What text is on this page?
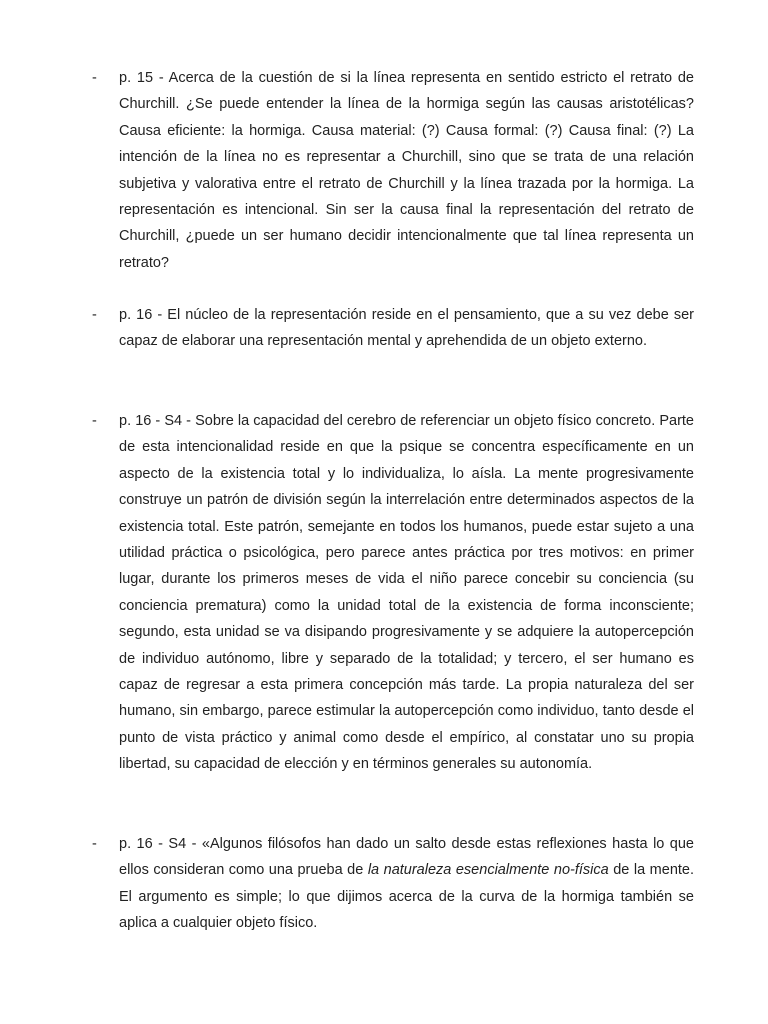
-	p. 15 - Acerca de la cuestión de si la línea representa en sentido estricto el retrato de Churchill. ¿Se puede entender la línea de la hormiga según las causas aristotélicas? Causa eficiente: la hormiga. Causa material: (?) Causa formal: (?) Causa final: (?) La intención de la línea no es representar a Churchill, sino que se trata de una relación subjetiva y valorativa entre el retrato de Churchill y la línea trazada por la hormiga. La representación es intencional. Sin ser la causa final la representación del retrato de Churchill, ¿puede un ser humano decidir intencionalmente que tal línea representa un retrato?
-	p. 16 - El núcleo de la representación reside en el pensamiento, que a su vez debe ser capaz de elaborar una representación mental y aprehendida de un objeto externo.
-	p. 16 - S4 - Sobre la capacidad del cerebro de referenciar un objeto físico concreto. Parte de esta intencionalidad reside en que la psique se concentra específicamente en un aspecto de la existencia total y lo individualiza, lo aísla. La mente progresivamente construye un patrón de división según la interrelación entre determinados aspectos de la existencia total. Este patrón, semejante en todos los humanos, puede estar sujeto a una utilidad práctica o psicológica, pero parece antes práctica por tres motivos: en primer lugar, durante los primeros meses de vida el niño parece concebir su conciencia (su conciencia prematura) como la unidad total de la existencia de forma inconsciente; segundo, esta unidad se va disipando progresivamente y se adquiere la autopercepción de individuo autónomo, libre y separado de la totalidad; y tercero, el ser humano es capaz de regresar a esta primera concepción más tarde. La propia naturaleza del ser humano, sin embargo, parece estimular la autopercepción como individuo, tanto desde el punto de vista práctico y animal como desde el empírico, al constatar uno su propia libertad, su capacidad de elección y en términos generales su autonomía.
-	p. 16 - S4 - «Algunos filósofos han dado un salto desde estas reflexiones hasta lo que ellos consideran como una prueba de la naturaleza esencialmente no-física de la mente. El argumento es simple; lo que dijimos acerca de la curva de la hormiga también se aplica a cualquier objeto físico.
